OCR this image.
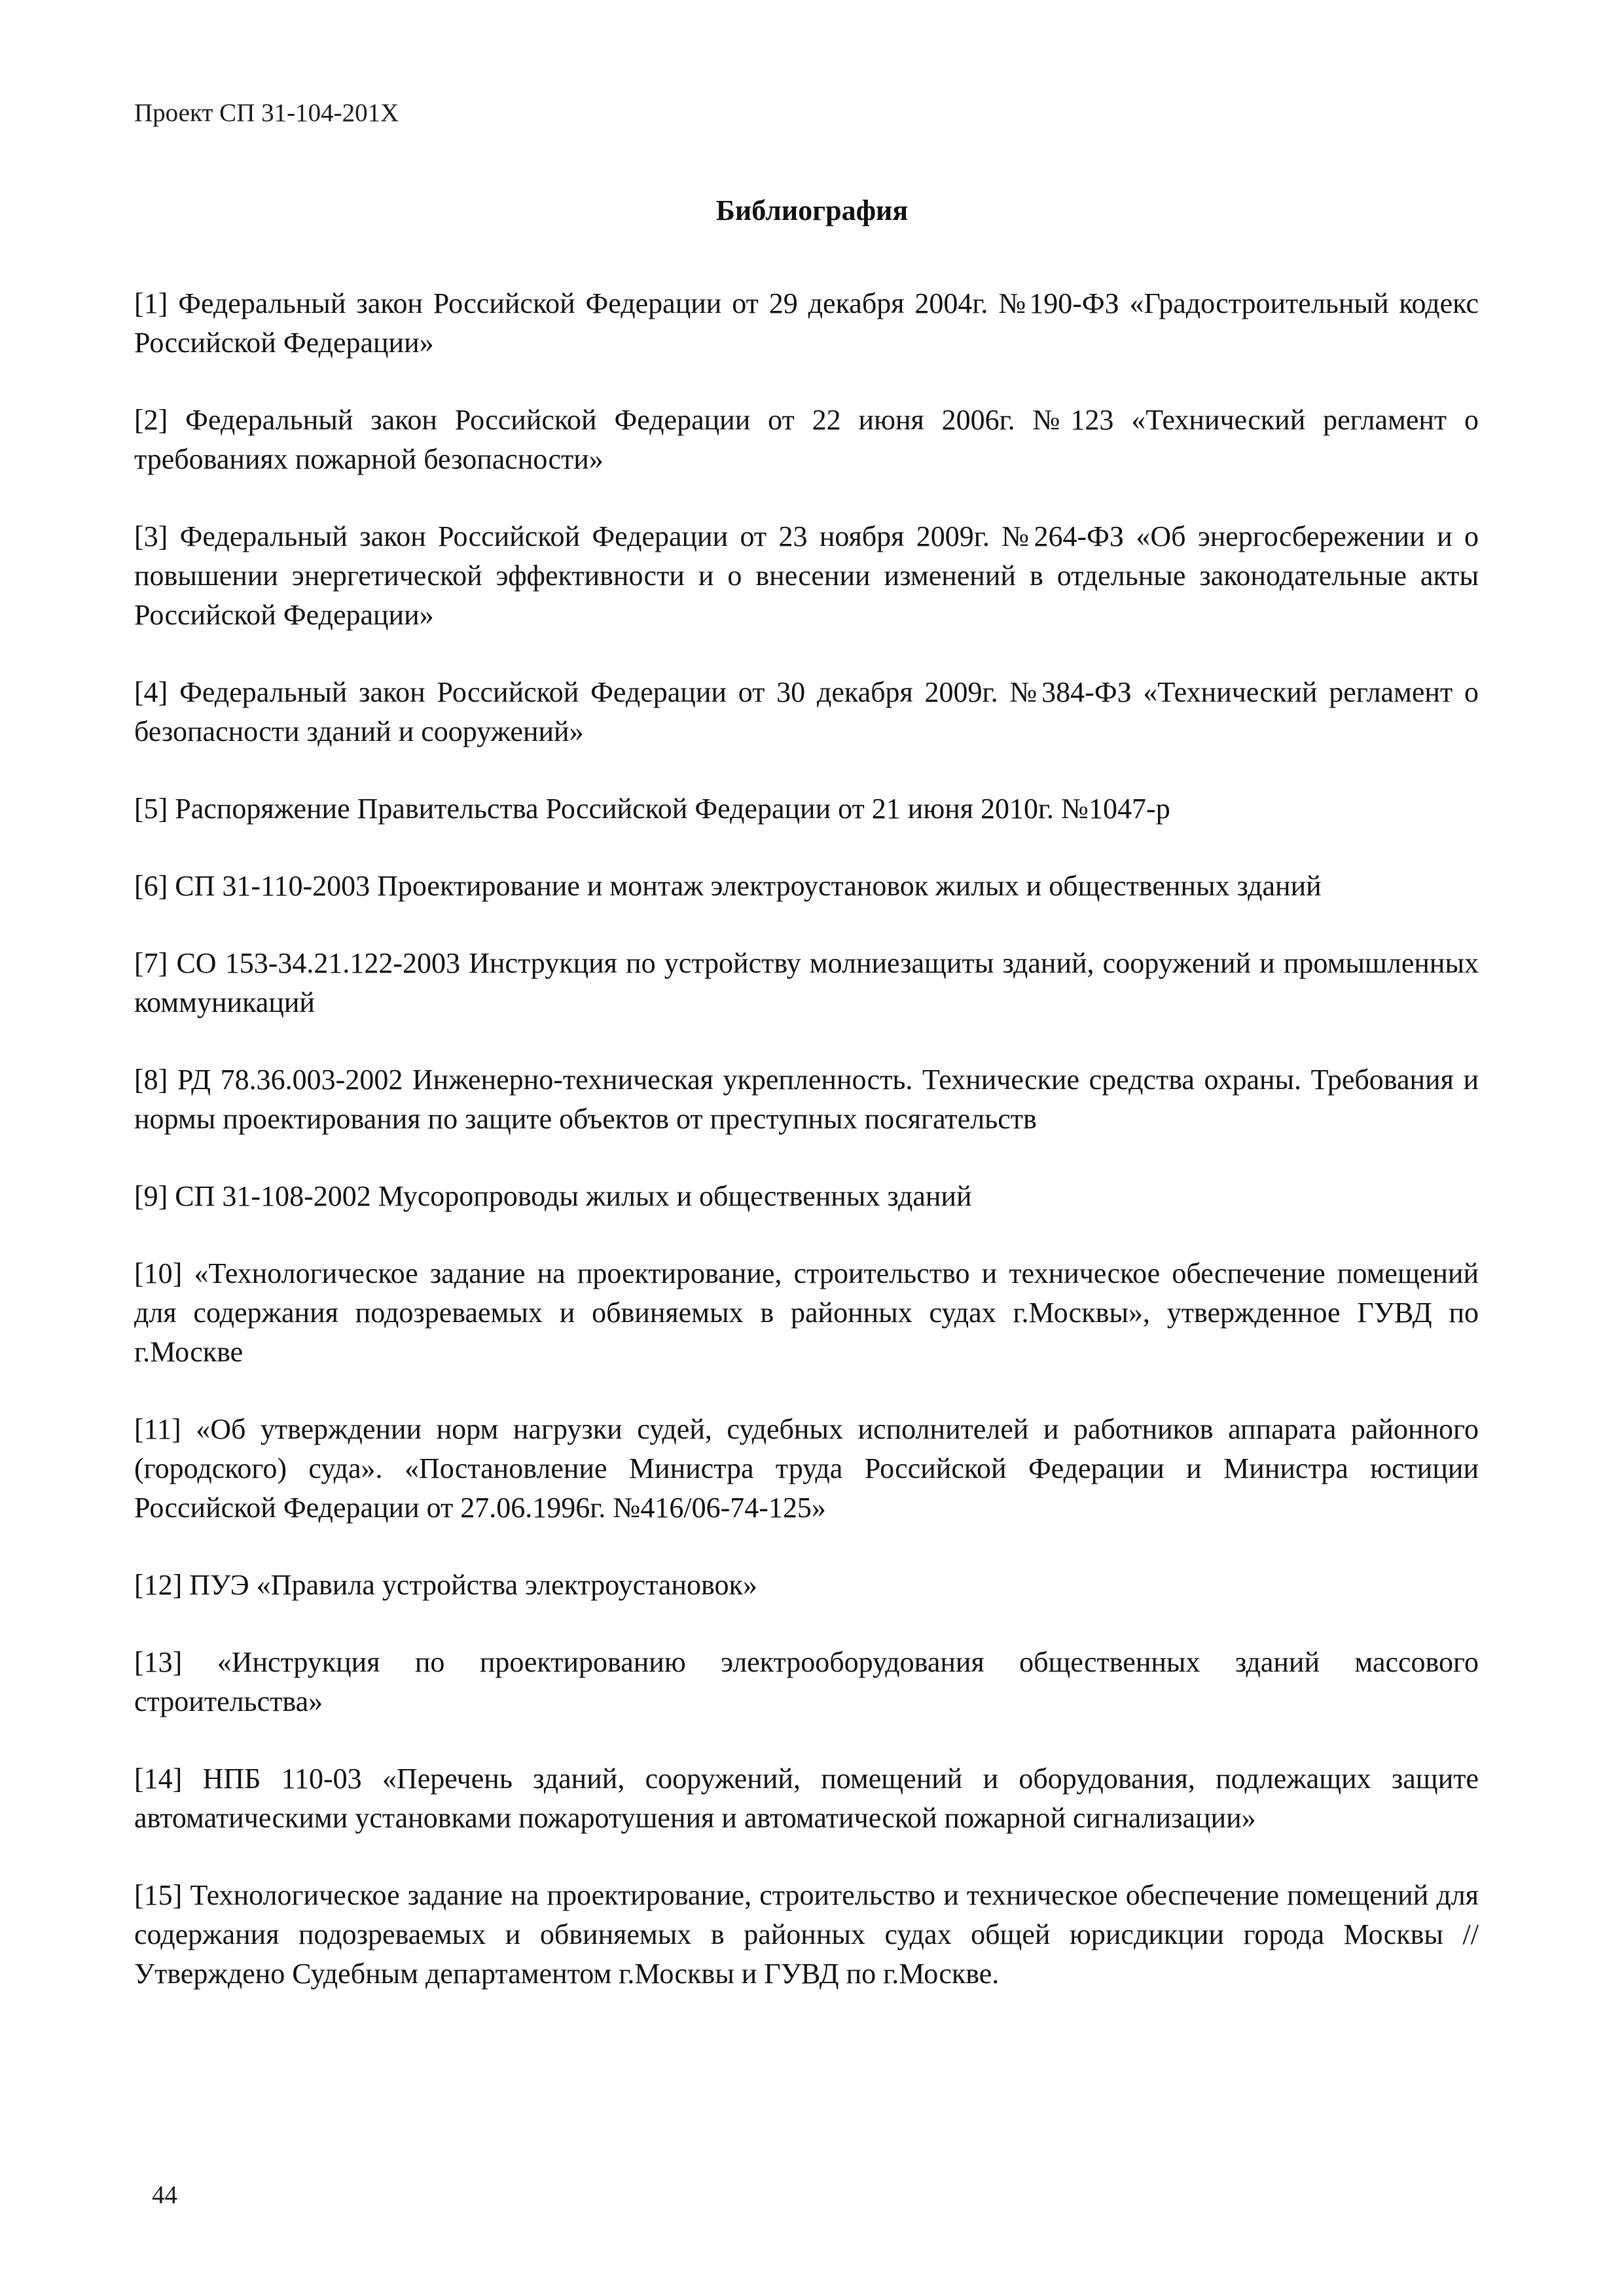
Проект СП 31-104-201Х
Библиография
[1] Федеральный закон Российской Федерации от 29 декабря 2004г. №190-ФЗ «Градостроительный кодекс Российской Федерации»
[2] Федеральный закон Российской Федерации от 22 июня 2006г. №123 «Технический регламент о требованиях пожарной безопасности»
[3] Федеральный закон Российской Федерации от 23 ноября 2009г. №264-ФЗ «Об энергосбережении и о повышении энергетической эффективности и о внесении изменений в отдельные законодательные акты Российской Федерации»
[4] Федеральный закон Российской Федерации от 30 декабря 2009г. №384-ФЗ «Технический регламент о безопасности зданий и сооружений»
[5] Распоряжение Правительства Российской Федерации от 21 июня 2010г. №1047-р
[6] СП 31-110-2003 Проектирование и монтаж электроустановок жилых и общественных зданий
[7] СО 153-34.21.122-2003 Инструкция по устройству молниезащиты зданий, сооружений и промышленных коммуникаций
[8] РД 78.36.003-2002 Инженерно-техническая укрепленность. Технические средства охраны. Требования и нормы проектирования по защите объектов от преступных посягательств
[9] СП 31-108-2002 Мусоропроводы жилых и общественных зданий
[10] «Технологическое задание на проектирование, строительство и техническое обеспечение помещений для содержания подозреваемых и обвиняемых в районных судах г.Москвы», утвержденное ГУВД по г.Москве
[11] «Об утверждении норм нагрузки судей, судебных исполнителей и работников аппарата районного (городского) суда». «Постановление Министра труда Российской Федерации и Министра юстиции Российской Федерации от 27.06.1996г. №416/06-74-125»
[12] ПУЭ «Правила устройства электроустановок»
[13] «Инструкция по проектированию электрооборудования общественных зданий массового строительства»
[14] НПБ 110-03 «Перечень зданий, сооружений, помещений и оборудования, подлежащих защите автоматическими установками пожаротушения и автоматической пожарной сигнализации»
[15] Технологическое задание на проектирование, строительство и техническое обеспечение помещений для содержания подозреваемых и обвиняемых в районных судах общей юрисдикции города Москвы // Утверждено Судебным департаментом г.Москвы и ГУВД по г.Москве.
44
